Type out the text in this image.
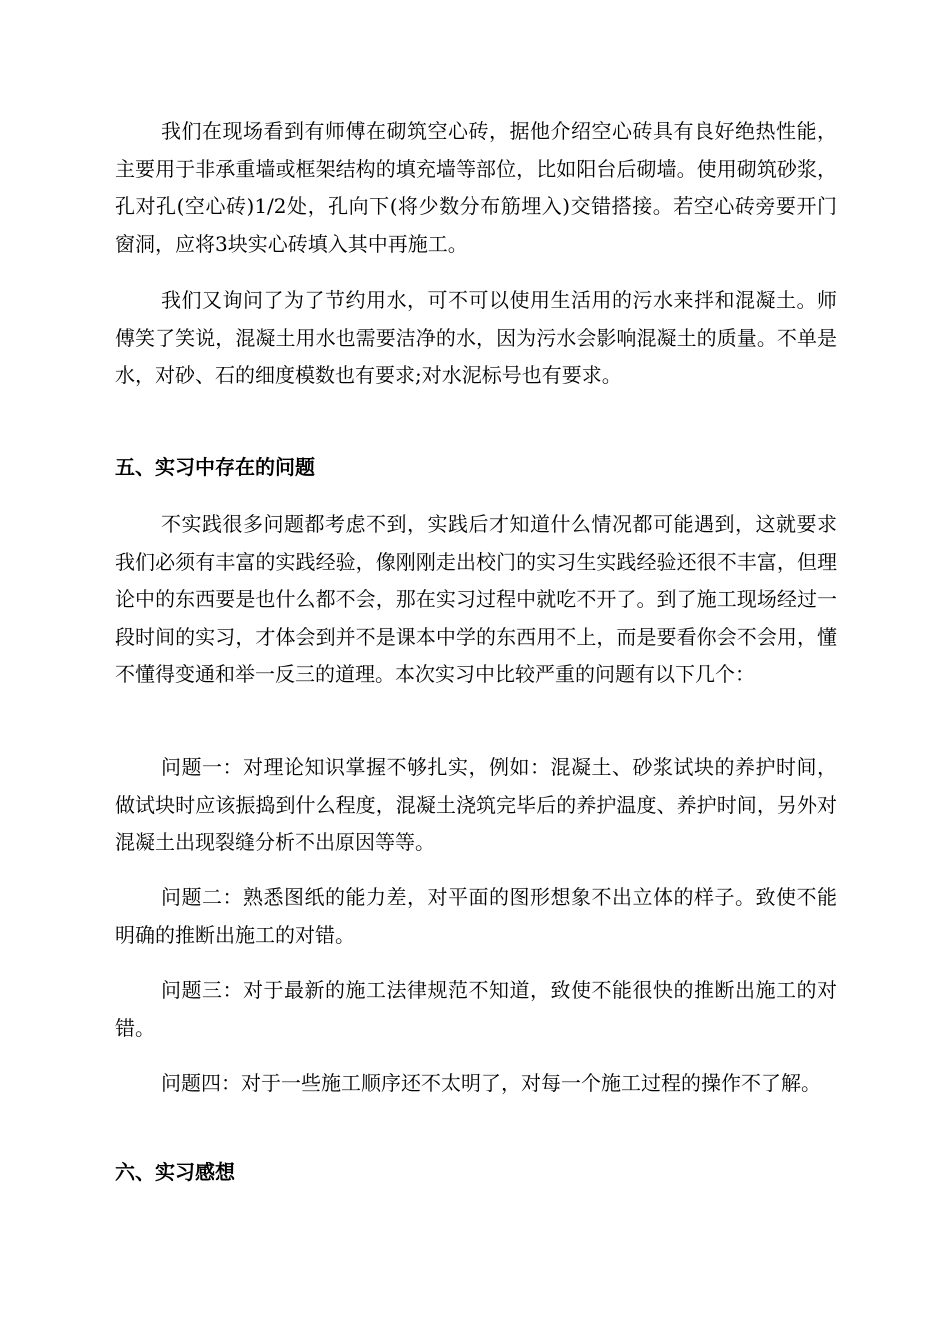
我们在现场看到有师傅在砌筑空心砖，据他介绍空心砖具有良好绝热性能，主要用于非承重墙或框架结构的填充墙等部位，比如阳台后砌墙。使用砌筑砂浆，孔对孔(空心砖)1/2处，孔向下(将少数分布筋埋入)交错搭接。若空心砖旁要开门窗洞，应将3块实心砖填入其中再施工。

我们又询问了为了节约用水，可不可以使用生活用的污水来拌和混凝土。师傅笑了笑说，混凝土用水也需要洁净的水，因为污水会影响混凝土的质量。不单是水，对砂、石的细度模数也有要求;对水泥标号也有要求。

五、实习中存在的问题

不实践很多问题都考虑不到，实践后才知道什么情况都可能遇到，这就要求我们必须有丰富的实践经验，像刚刚走出校门的实习生实践经验还很不丰富，但理论中的东西要是也什么都不会，那在实习过程中就吃不开了。到了施工现场经过一段时间的实习，才体会到并不是课本中学的东西用不上，而是要看你会不会用，懂不懂得变通和举一反三的道理。本次实习中比较严重的问题有以下几个：

问题一：对理论知识掌握不够扎实，例如：混凝土、砂浆试块的养护时间，做试块时应该振捣到什么程度，混凝土浇筑完毕后的养护温度、养护时间，另外对混凝土出现裂缝分析不出原因等等。

问题二：熟悉图纸的能力差，对平面的图形想象不出立体的样子。致使不能明确的推断出施工的对错。

问题三：对于最新的施工法律规范不知道，致使不能很快的推断出施工的对错。

问题四：对于一些施工顺序还不太明了，对每一个施工过程的操作不了解。

六、实习感想
